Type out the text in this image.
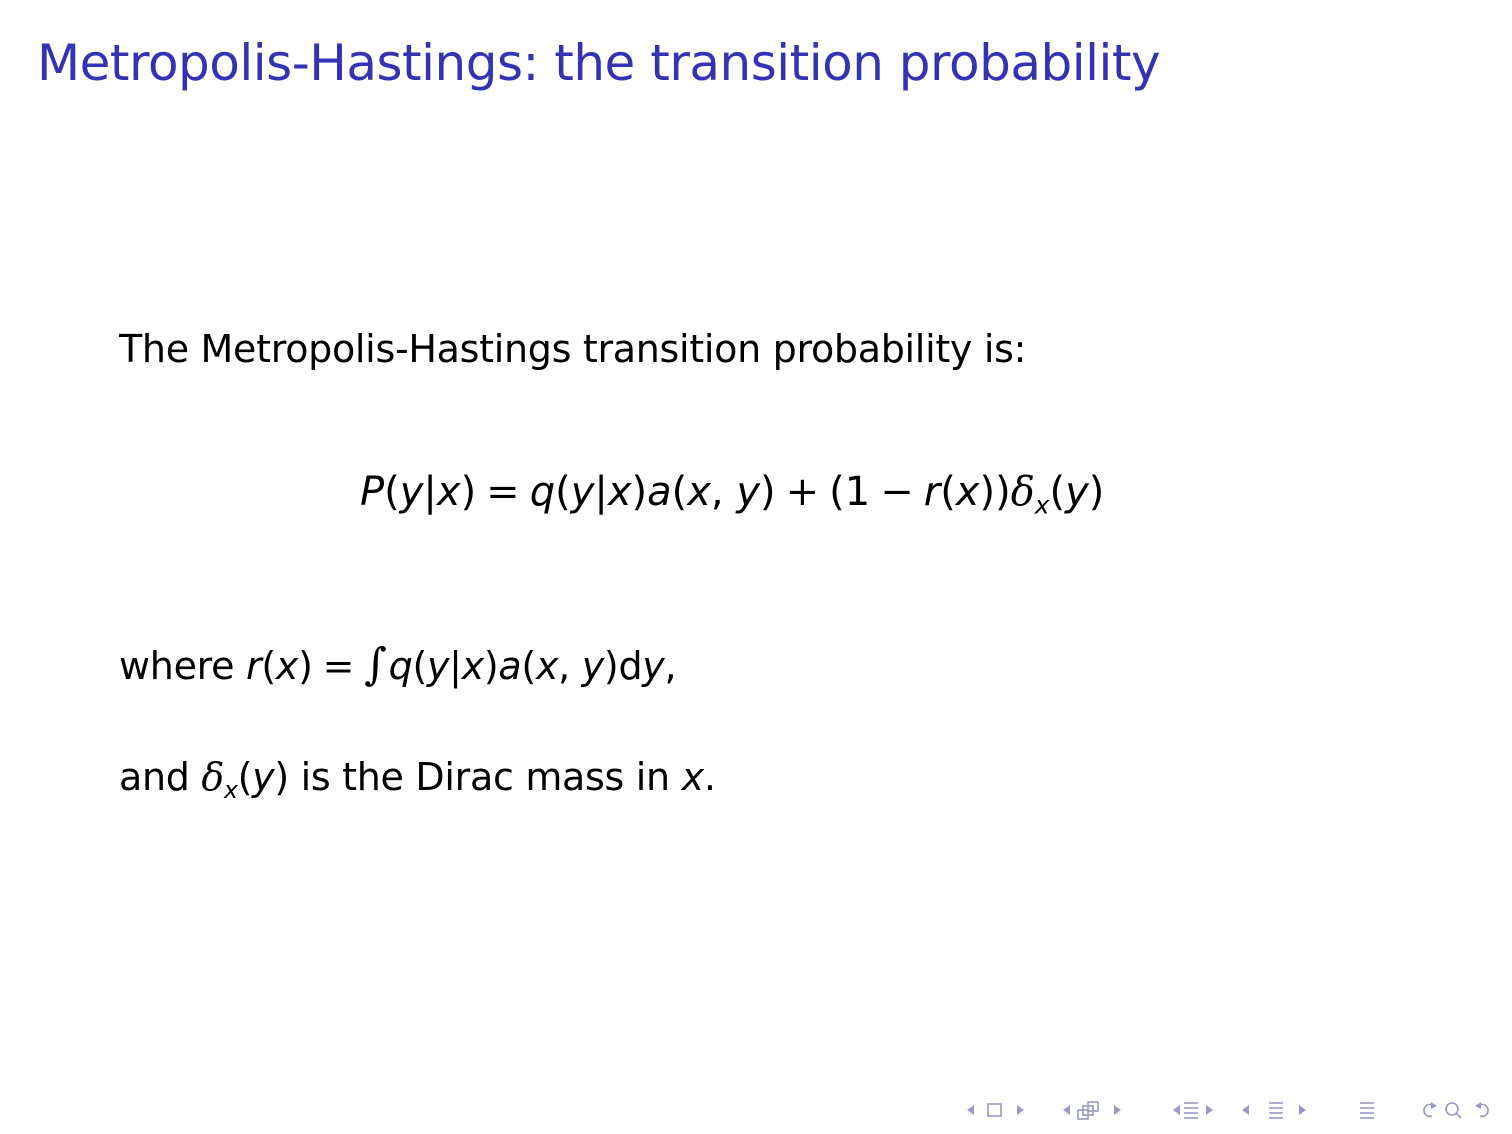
Metropolis-Hastings: the transition probability
The Metropolis-Hastings transition probability is:
P(y|x) = q(y|x)a(x, $y) + (1 - r(x))\delta_x(y)$
where r(x) = ∫q(y|x)a(x, y)dy,
and $\delta_x(y)$ is the Dirac mass in x.
